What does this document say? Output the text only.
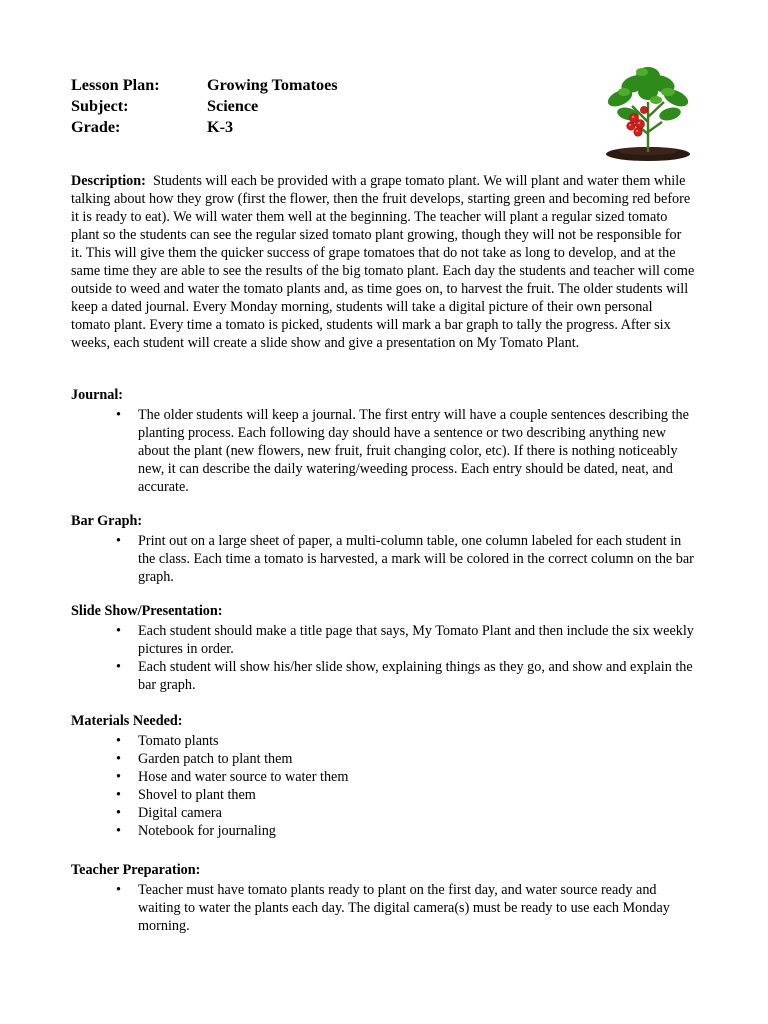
Lesson Plan:	Growing Tomatoes
Subject:	Science
Grade:	K-3
Description: Students will each be provided with a grape tomato plant. We will plant and water them while talking about how they grow (first the flower, then the fruit develops, starting green and becoming red before it is ready to eat). We will water them well at the beginning. The teacher will plant a regular sized tomato plant so the students can see the regular sized tomato plant growing, though they will not be responsible for it. This will give them the quicker success of grape tomatoes that do not take as long to develop, and at the same time they are able to see the results of the big tomato plant. Each day the students and teacher will come outside to weed and water the tomato plants and, as time goes on, to harvest the fruit. The older students will keep a dated journal. Every Monday morning, students will take a digital picture of their own personal tomato plant. Every time a tomato is picked, students will mark a bar graph to tally the progress. After six weeks, each student will create a slide show and give a presentation on My Tomato Plant.
Journal:
• The older students will keep a journal. The first entry will have a couple sentences describing the planting process. Each following day should have a sentence or two describing anything new about the plant (new flowers, new fruit, fruit changing color, etc). If there is nothing noticeably new, it can describe the daily watering/weeding process. Each entry should be dated, neat, and accurate.
Bar Graph:
• Print out on a large sheet of paper, a multi-column table, one column labeled for each student in the class. Each time a tomato is harvested, a mark will be colored in the correct column on the bar graph.
Slide Show/Presentation:
• Each student should make a title page that says, My Tomato Plant and then include the six weekly pictures in order.
• Each student will show his/her slide show, explaining things as they go, and show and explain the bar graph.
Materials Needed:
• Tomato plants
• Garden patch to plant them
• Hose and water source to water them
• Shovel to plant them
• Digital camera
• Notebook for journaling
Teacher Preparation:
• Teacher must have tomato plants ready to plant on the first day, and water source ready and waiting to water the plants each day. The digital camera(s) must be ready to use each Monday morning.
